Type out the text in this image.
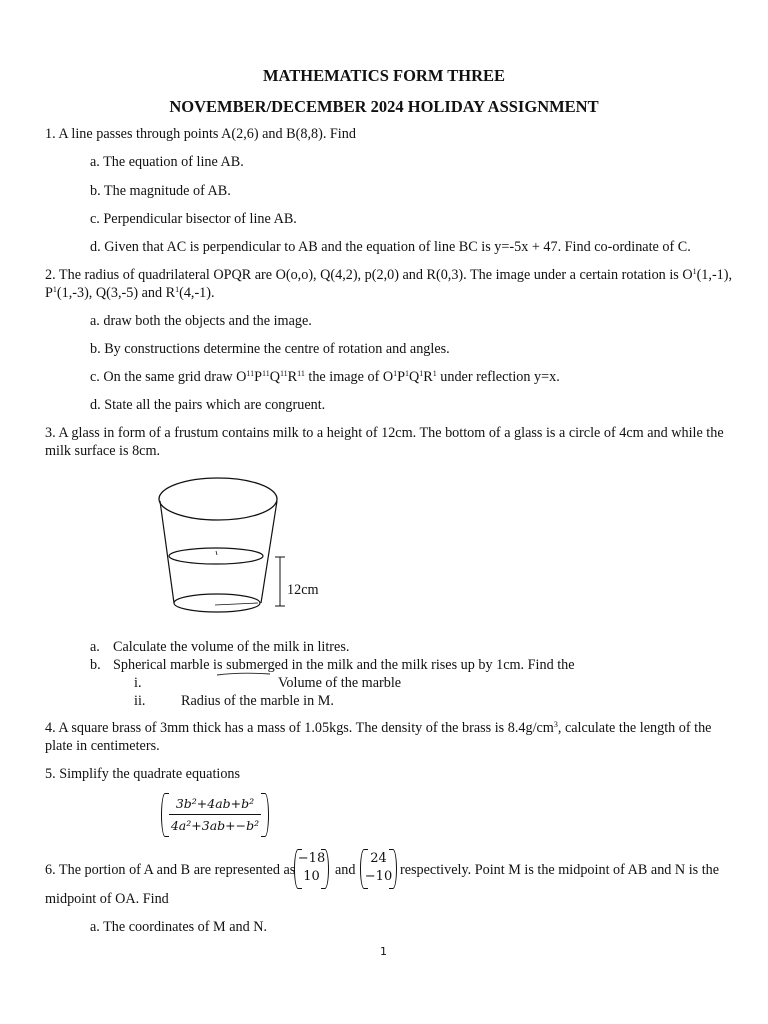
MATHEMATICS FORM THREE
NOVEMBER/DECEMBER 2024 HOLIDAY ASSIGNMENT
1. A line passes through points A(2,6) and B(8,8). Find
a. The equation of line AB.
b. The magnitude of AB.
c. Perpendicular bisector of line AB.
d. Given that AC is perpendicular to AB and the equation of line BC is y=-5x + 47. Find co-ordinate of C.
2. The radius of quadrilateral OPQR are O(o,o), Q(4,2), p(2,0) and R(0,3). The image under a certain rotation is $O^1(1,-1)$,
$P^1(1,-3)$, Q(3,-5) and $R^1(4,-1)$.
a. draw both the objects and the image.
b. By constructions determine the centre of rotation and angles.
c. On the same grid draw $O^{11}P^{11}Q^{11}R^{11}$ the image of $O^1P^1Q^1R^1$ under reflection y=x.
d. State all the pairs which are congruent.
3. A glass in form of a frustum contains milk to a height of 12cm. The bottom of a glass is a circle of 4cm and while the
milk surface is 8cm.
12cm
a. Calculate the volume of the milk in litres.
b. Spherical marble is submerged in the milk and the milk rises up by 1cm. Find the
i.	Volume of the marble
ii.	Radius of the marble in M.
4. A square brass of 3mm thick has a mass of 1.05kgs. The density of the brass is $8.4g/cm^3$, calculate the length of the
plate in centimeters.
5. Simplify the quadrate equations
3b²+4ab+b²
4a²+3ab+−b²
6. The portion of A and B are represented as
−18
10	and
24
−10 respectively. Point M is the midpoint of AB and N is the
midpoint of OA. Find
a. The coordinates of M and N.
1
